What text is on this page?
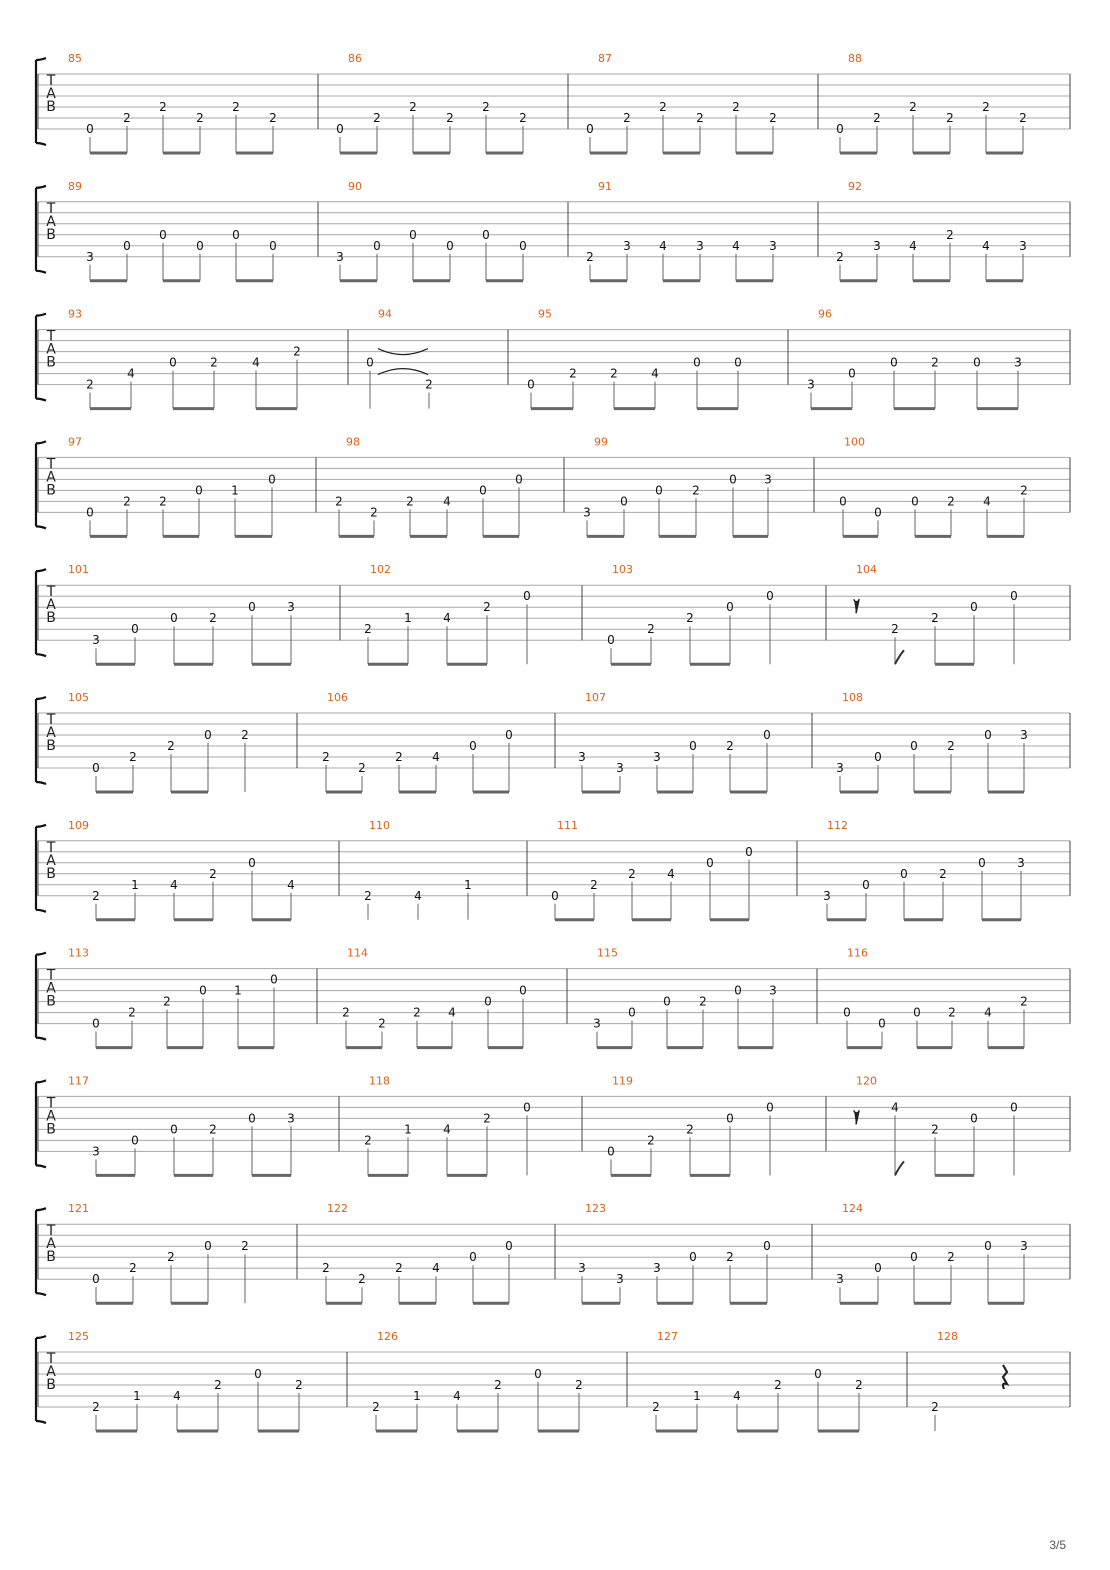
T
A
B
85
0
2
2
2
2
2
86
0
2
2
2
2
2
87
0
2
2
2
2
2
88
0
2
2
2
2
2
T
A
B
89
3
0
0
0
0
0
90
3
0
0
0
0
0
91
2
3 4 3 4 3
92
2
3 4
2
4 3
T
A
B
93
2
4
0	2	4
2
94
0
2
95
0
2	2	4
0	0
96
3
0
0	2	0	3
T
A
B
97
0
2 2
0 1
0
98
2
2
2 4
0
0
99
3
0
0 2
0 3
100
0
0
0 2 4
2
T
A
B
101
3
0
0	2
0	3
102
2
1	4
2
0
103
0
2
2
0
0
104
2
2
0
0
T
A
B
105
0
2
2
0 2
106
2
2
2 4
0
0
107
3
3
3
0 2
0
108
3
0
0 2
0 3
T
A
B
109
2
1	4
2
0
4
110
2	4
1
111
0
2
2	4
0
0
112
3
0
0	2
0	3
T
A
B
113
0
2
2
0 1
0
114
2
2
2 4
0
0
115
3
0
0 2
0 3
116
0
0
0 2 4
2
T
A
B
117
3
0
0	2
0	3
118
2
1	4
2
0
119
0
2
2
0
0
120
4
2
0
0
T
A
B
121
0
2
2
0 2
122
2
2
2 4
0
0
123
3
3
3
0 2
0
124
3
0
0 2
0 3
T
A
B
125
2
1	4
2
0
2
126
2
1	4
2
0
2
127
2
1	4
2
0
2
128
2
3/5
